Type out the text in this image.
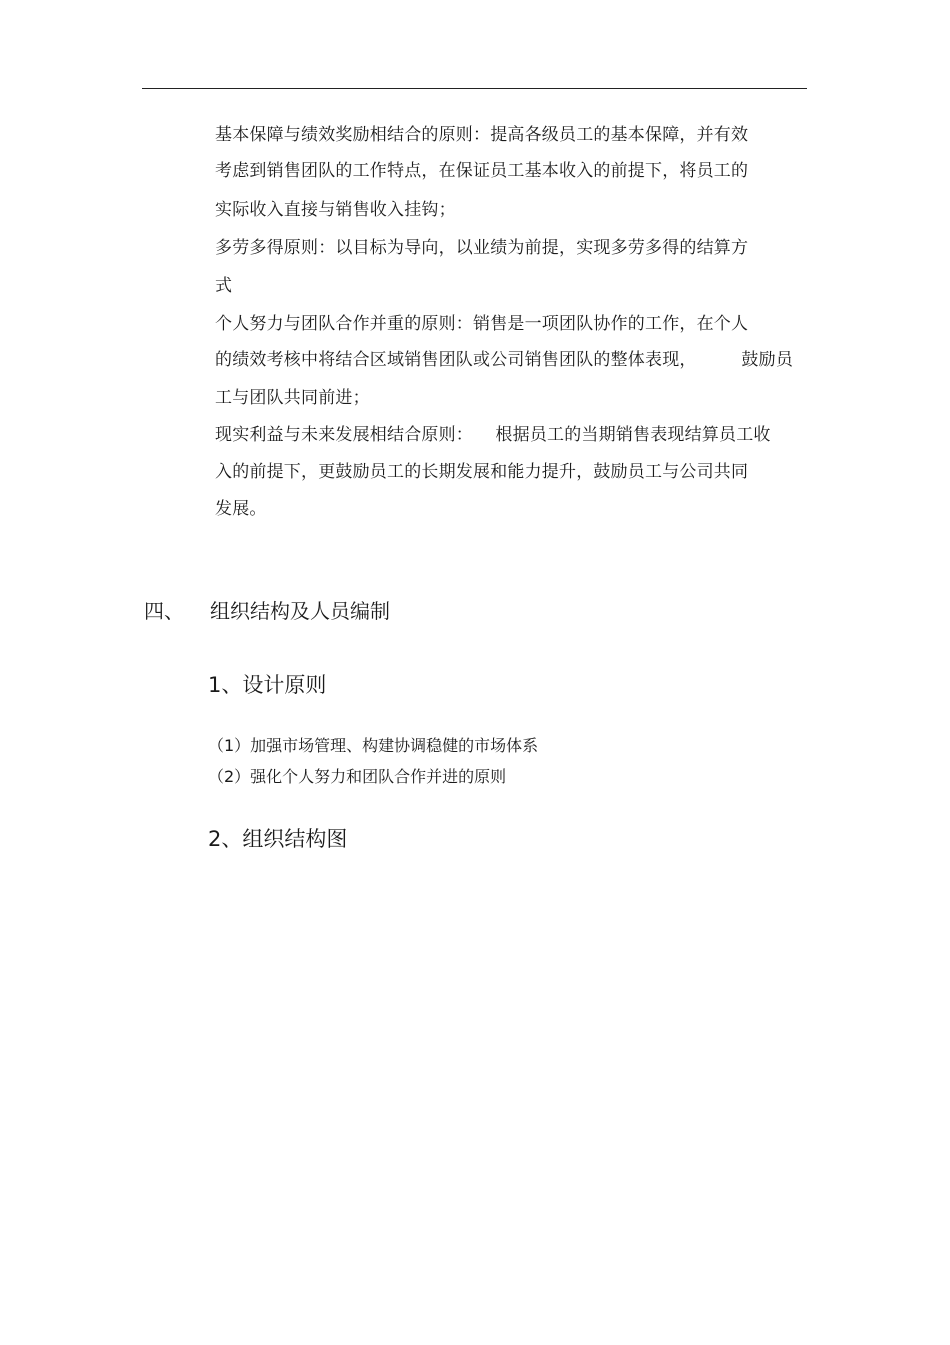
基本保障与绩效奖励相结合的原则：提高各级员工的基本保障，并有效
考虑到销售团队的工作特点，在保证员工基本收入的前提下，将员工的
实际收入直接与销售收入挂钩；
多劳多得原则：以目标为导向，以业绩为前提，实现多劳多得的结算方
式
个人努力与团队合作并重的原则：销售是一项团队协作的工作，在个人
的绩效考核中将结合区域销售团队或公司销售团队的整体表现，        鼓励员
工与团队共同前进；
现实利益与未来发展相结合原则：    根据员工的当期销售表现结算员工收
入的前提下，更鼓励员工的长期发展和能力提升，鼓励员工与公司共同
发展。
四、 组织结构及人员编制
1、设计原则
（1）加强市场管理、构建协调稳健的市场体系
（2）强化个人努力和团队合作并进的原则
2、组织结构图
